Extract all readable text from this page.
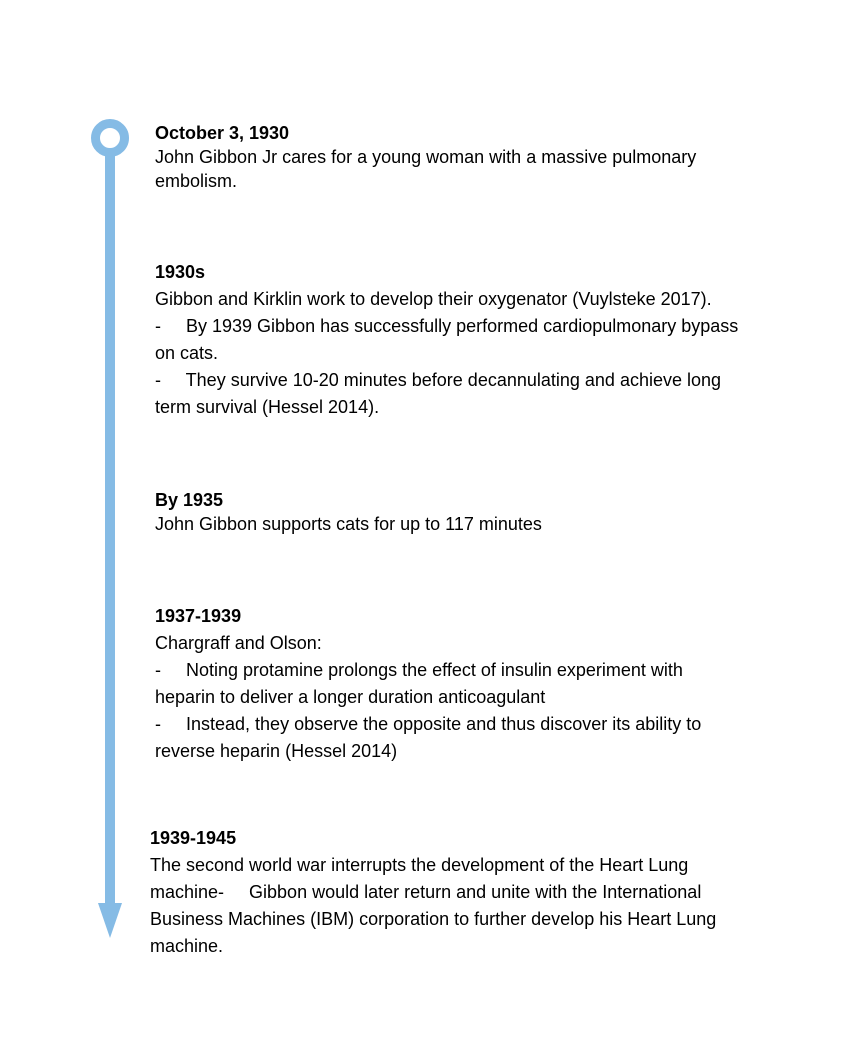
October 3, 1930
John Gibbon Jr cares for a young woman with a massive pulmonary
embolism.
1930s
Gibbon and Kirklin work to develop their oxygenator (Vuylsteke 2017).
-     By 1939 Gibbon has successfully performed cardiopulmonary bypass
on cats.
-     They survive 10-20 minutes before decannulating and achieve long
term survival (Hessel 2014).
By 1935
John Gibbon supports cats for up to 117 minutes
1937-1939
Chargraff and Olson:
-     Noting protamine prolongs the effect of insulin experiment with
heparin to deliver a longer duration anticoagulant
-     Instead, they observe the opposite and thus discover its ability to
reverse heparin (Hessel 2014)
1939-1945
The second world war interrupts the development of the Heart Lung
machine-     Gibbon would later return and unite with the International
Business Machines (IBM) corporation to further develop his Heart Lung
machine.
